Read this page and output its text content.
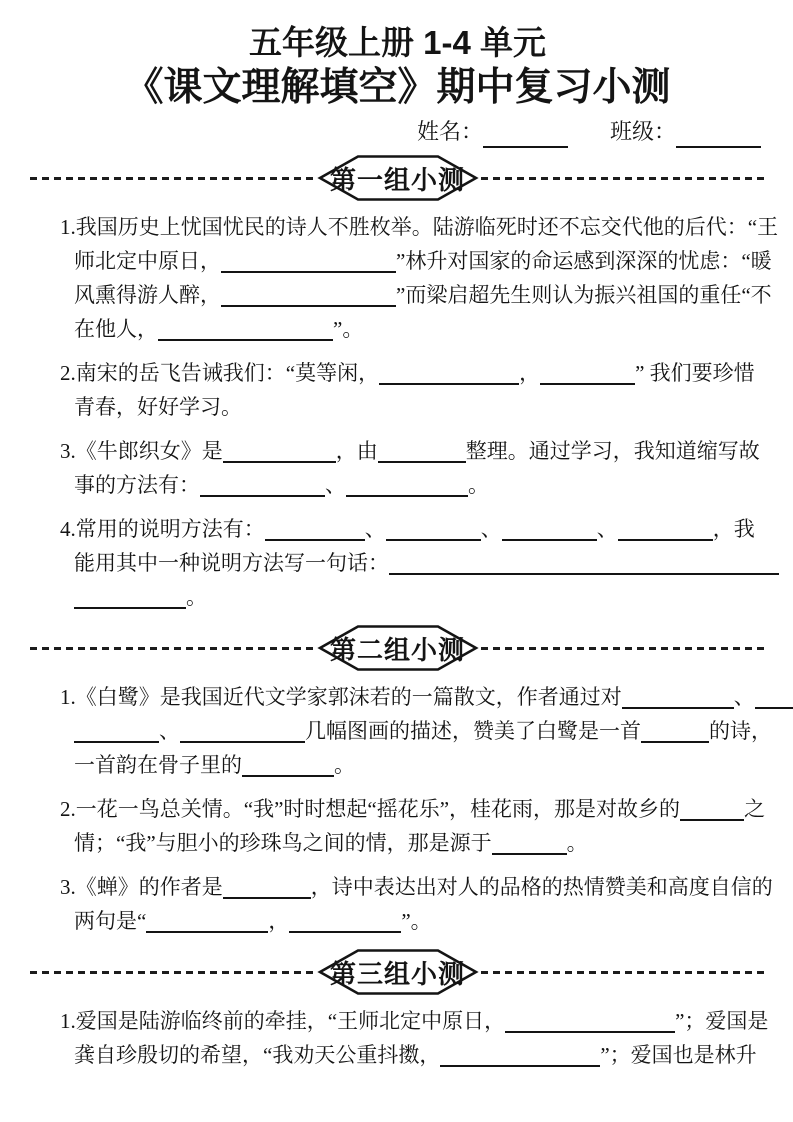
五年级上册 1-4 单元
《课文理解填空》期中复习小测
姓名：	班级：
第一组小测
1.我国历史上忧国忧民的诗人不胜枚举。陆游临死时还不忘交代他的后代：“王
师北定中原日，	”林升对国家的命运感到深深的忧虑：“暖
风熏得游人醉，	”而梁启超先生则认为振兴祖国的重任“不
在他人，	”。
2.南宋的岳飞告诫我们：“莫等闲，	，	” 我们要珍惜
青春，好好学习。
3.《牛郎织女》是	，由	整理。通过学习，我知道缩写故
事的方法有：	、	。
4.常用的说明方法有：	、	、	、	，我
能用其中一种说明方法写一句话：
。
第二组小测
1.《白鹭》是我国近代文学家郭沫若的一篇散文，作者通过对	、
、	几幅图画的描述，赞美了白鹭是一首	的诗，
一首韵在骨子里的	。
2.一花一鸟总关情。“我”时时想起“摇花乐”，桂花雨，那是对故乡的	之
情；“我”与胆小的珍珠鸟之间的情，那是源于	。
3.《蝉》的作者是	，诗中表达出对人的品格的热情赞美和高度自信的
两句是“	，	”。
第三组小测
1.爱国是陆游临终前的牵挂，“王师北定中原日，	”；爱国是
龚自珍殷切的希望，“我劝天公重抖擞，	”；爱国也是林升
